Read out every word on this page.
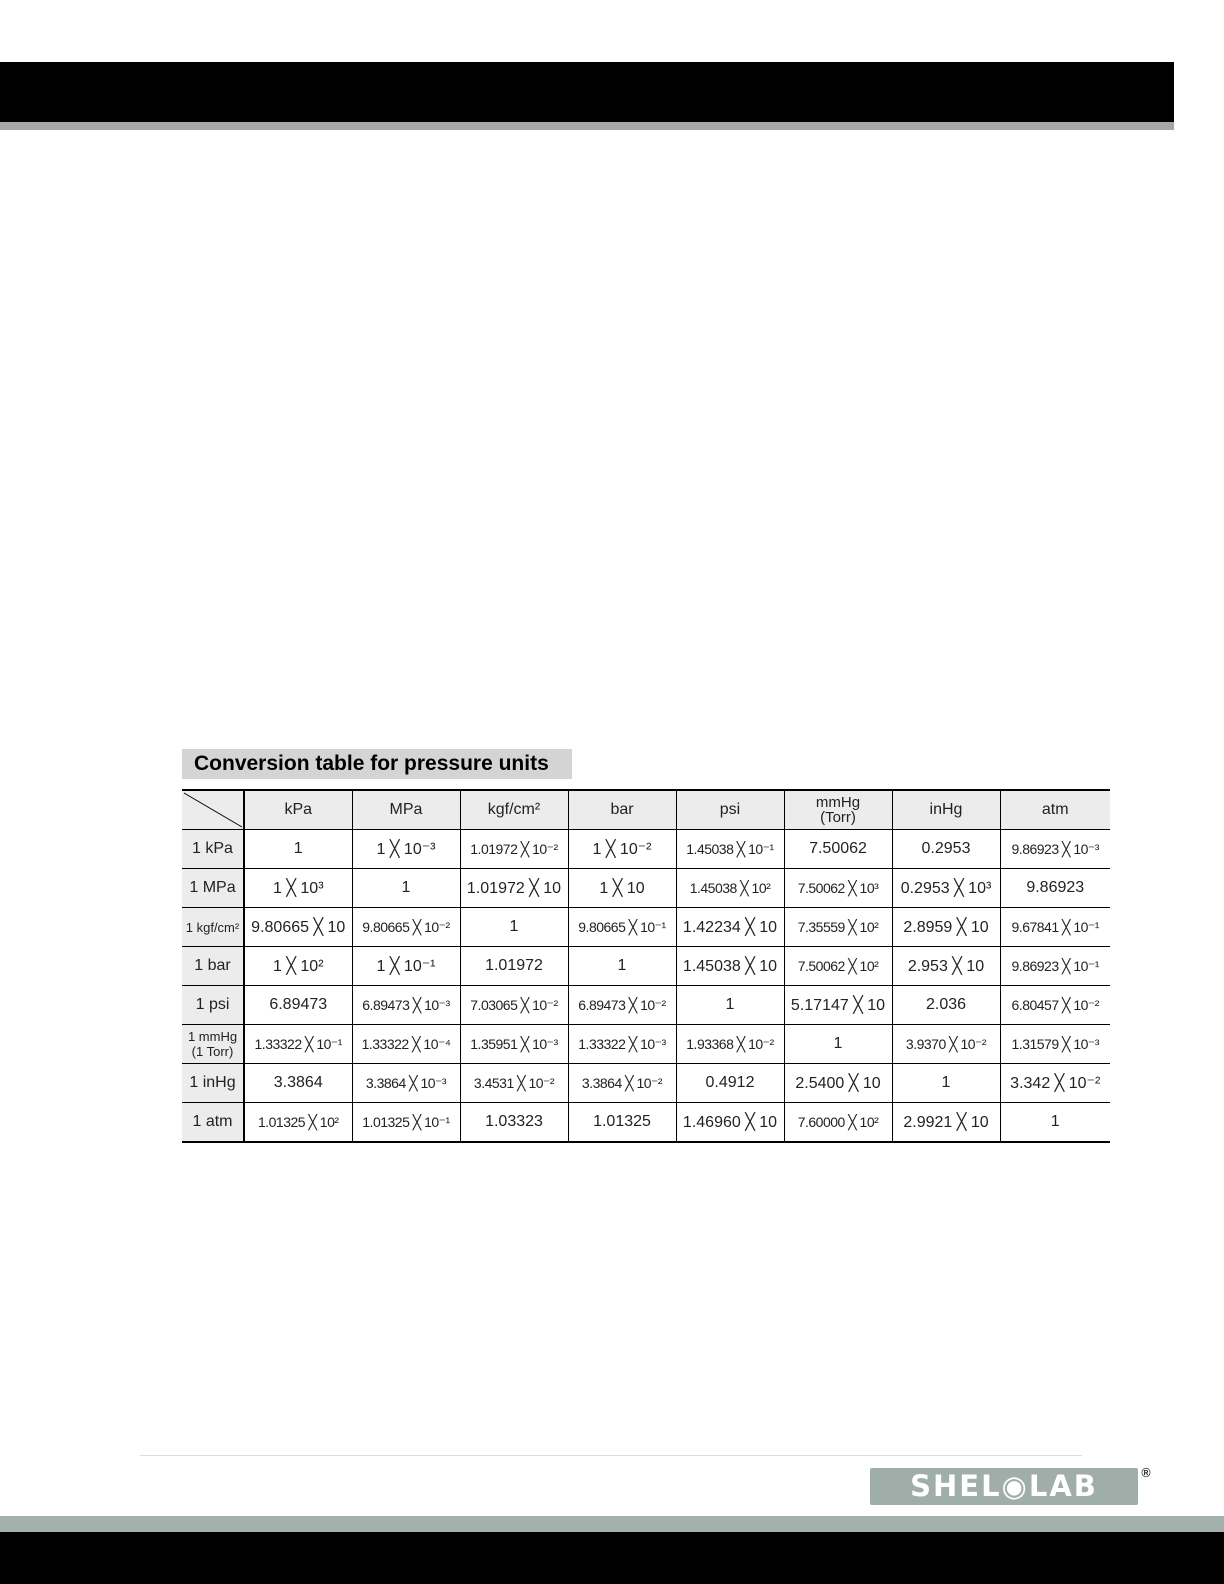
Conversion table for pressure units
	kPa	MPa	kgf/cm²	bar	psi	mmHg (Torr)	inHg	atm
1 kPa	1	1 ╳ 10⁻³	1.01972 ╳ 10⁻²	1 ╳ 10⁻²	1.45038 ╳ 10⁻¹	7.50062	0.2953	9.86923 ╳ 10⁻³
1 MPa	1 ╳ 10³	1	1.01972 ╳ 10	1 ╳ 10	1.45038 ╳ 10²	7.50062 ╳ 10³	0.2953 ╳ 10³	9.86923
1 kgf/cm²	9.80665 ╳ 10	9.80665 ╳ 10⁻²	1	9.80665 ╳ 10⁻¹	1.42234 ╳ 10	7.35559 ╳ 10²	2.8959 ╳ 10	9.67841 ╳ 10⁻¹
1 bar	1 ╳ 10²	1 ╳ 10⁻¹	1.01972	1	1.45038 ╳ 10	7.50062 ╳ 10²	2.953 ╳ 10	9.86923 ╳ 10⁻¹
1 psi	6.89473	6.89473 ╳ 10⁻³	7.03065 ╳ 10⁻²	6.89473 ╳ 10⁻²	1	5.17147 ╳ 10	2.036	6.80457 ╳ 10⁻²
1 mmHg (1 Torr)	1.33322 ╳ 10⁻¹	1.33322 ╳ 10⁻⁴	1.35951 ╳ 10⁻³	1.33322 ╳ 10⁻³	1.93368 ╳ 10⁻²	1	3.9370 ╳ 10⁻²	1.31579 ╳ 10⁻³
1 inHg	3.3864	3.3864 ╳ 10⁻³	3.4531 ╳ 10⁻²	3.3864 ╳ 10⁻²	0.4912	2.5400 ╳ 10	1	3.342 ╳ 10⁻²
1 atm	1.01325 ╳ 10²	1.01325 ╳ 10⁻¹	1.03323	1.01325	1.46960 ╳ 10	7.60000 ╳ 10²	2.9921 ╳ 10	1
SHEL◉LAB	®
